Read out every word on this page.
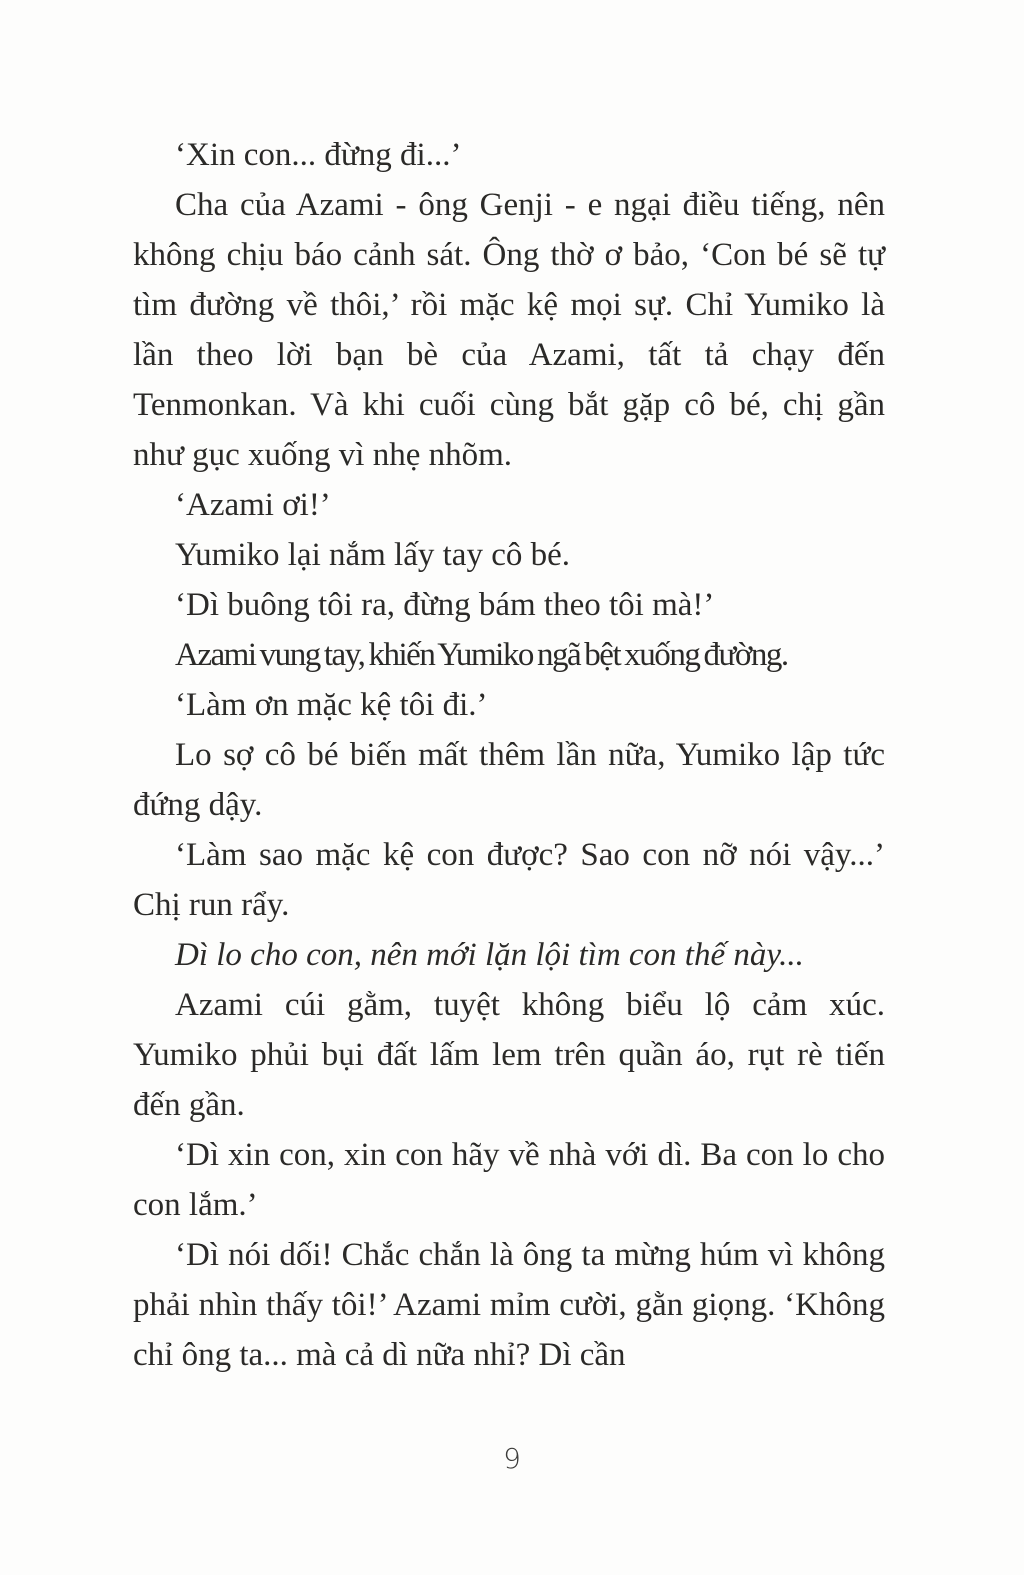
‘Xin con... đừng đi...’

Cha của Azami - ông Genji - e ngại điều tiếng, nên không chịu báo cảnh sát. Ông thờ ơ bảo, ‘Con bé sẽ tự tìm đường về thôi,’ rồi mặc kệ mọi sự. Chỉ Yumiko là lần theo lời bạn bè của Azami, tất tả chạy đến Tenmonkan. Và khi cuối cùng bắt gặp cô bé, chị gần như gục xuống vì nhẹ nhõm.

‘Azami ơi!’

Yumiko lại nắm lấy tay cô bé.

‘Dì buông tôi ra, đừng bám theo tôi mà!’

Azami vung tay, khiến Yumiko ngã bệt xuống đường.

‘Làm ơn mặc kệ tôi đi.’

Lo sợ cô bé biến mất thêm lần nữa, Yumiko lập tức đứng dậy.

‘Làm sao mặc kệ con được? Sao con nỡ nói vậy...’ Chị run rẩy.

Dì lo cho con, nên mới lặn lội tìm con thế này...

Azami cúi gằm, tuyệt không biểu lộ cảm xúc. Yumiko phủi bụi đất lấm lem trên quần áo, rụt rè tiến đến gần.

‘Dì xin con, xin con hãy về nhà với dì. Ba con lo cho con lắm.’

‘Dì nói dối! Chắc chắn là ông ta mừng húm vì không phải nhìn thấy tôi!’ Azami mỉm cười, gằn giọng. ‘Không chỉ ông ta... mà cả dì nữa nhỉ? Dì cần

9
